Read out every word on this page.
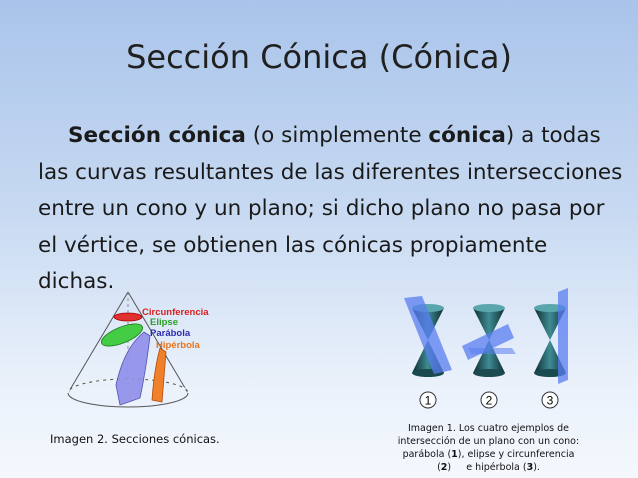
Sección Cónica (Cónica)

Sección cónica (o simplemente cónica) a todas las curvas resultantes de las diferentes intersecciones entre un cono y un plano; si dicho plano no pasa por el vértice, se obtienen las cónicas propiamente dichas.

Circunferencia
Elipse
Parábola
Hipérbola
Imagen 2. Secciones cónicas.
1	2	3
Imagen 1. Los cuatro ejemplos de
intersección de un plano con un cono:
parábola (1), elipse y circunferencia
(2)     e hipérbola (3).
